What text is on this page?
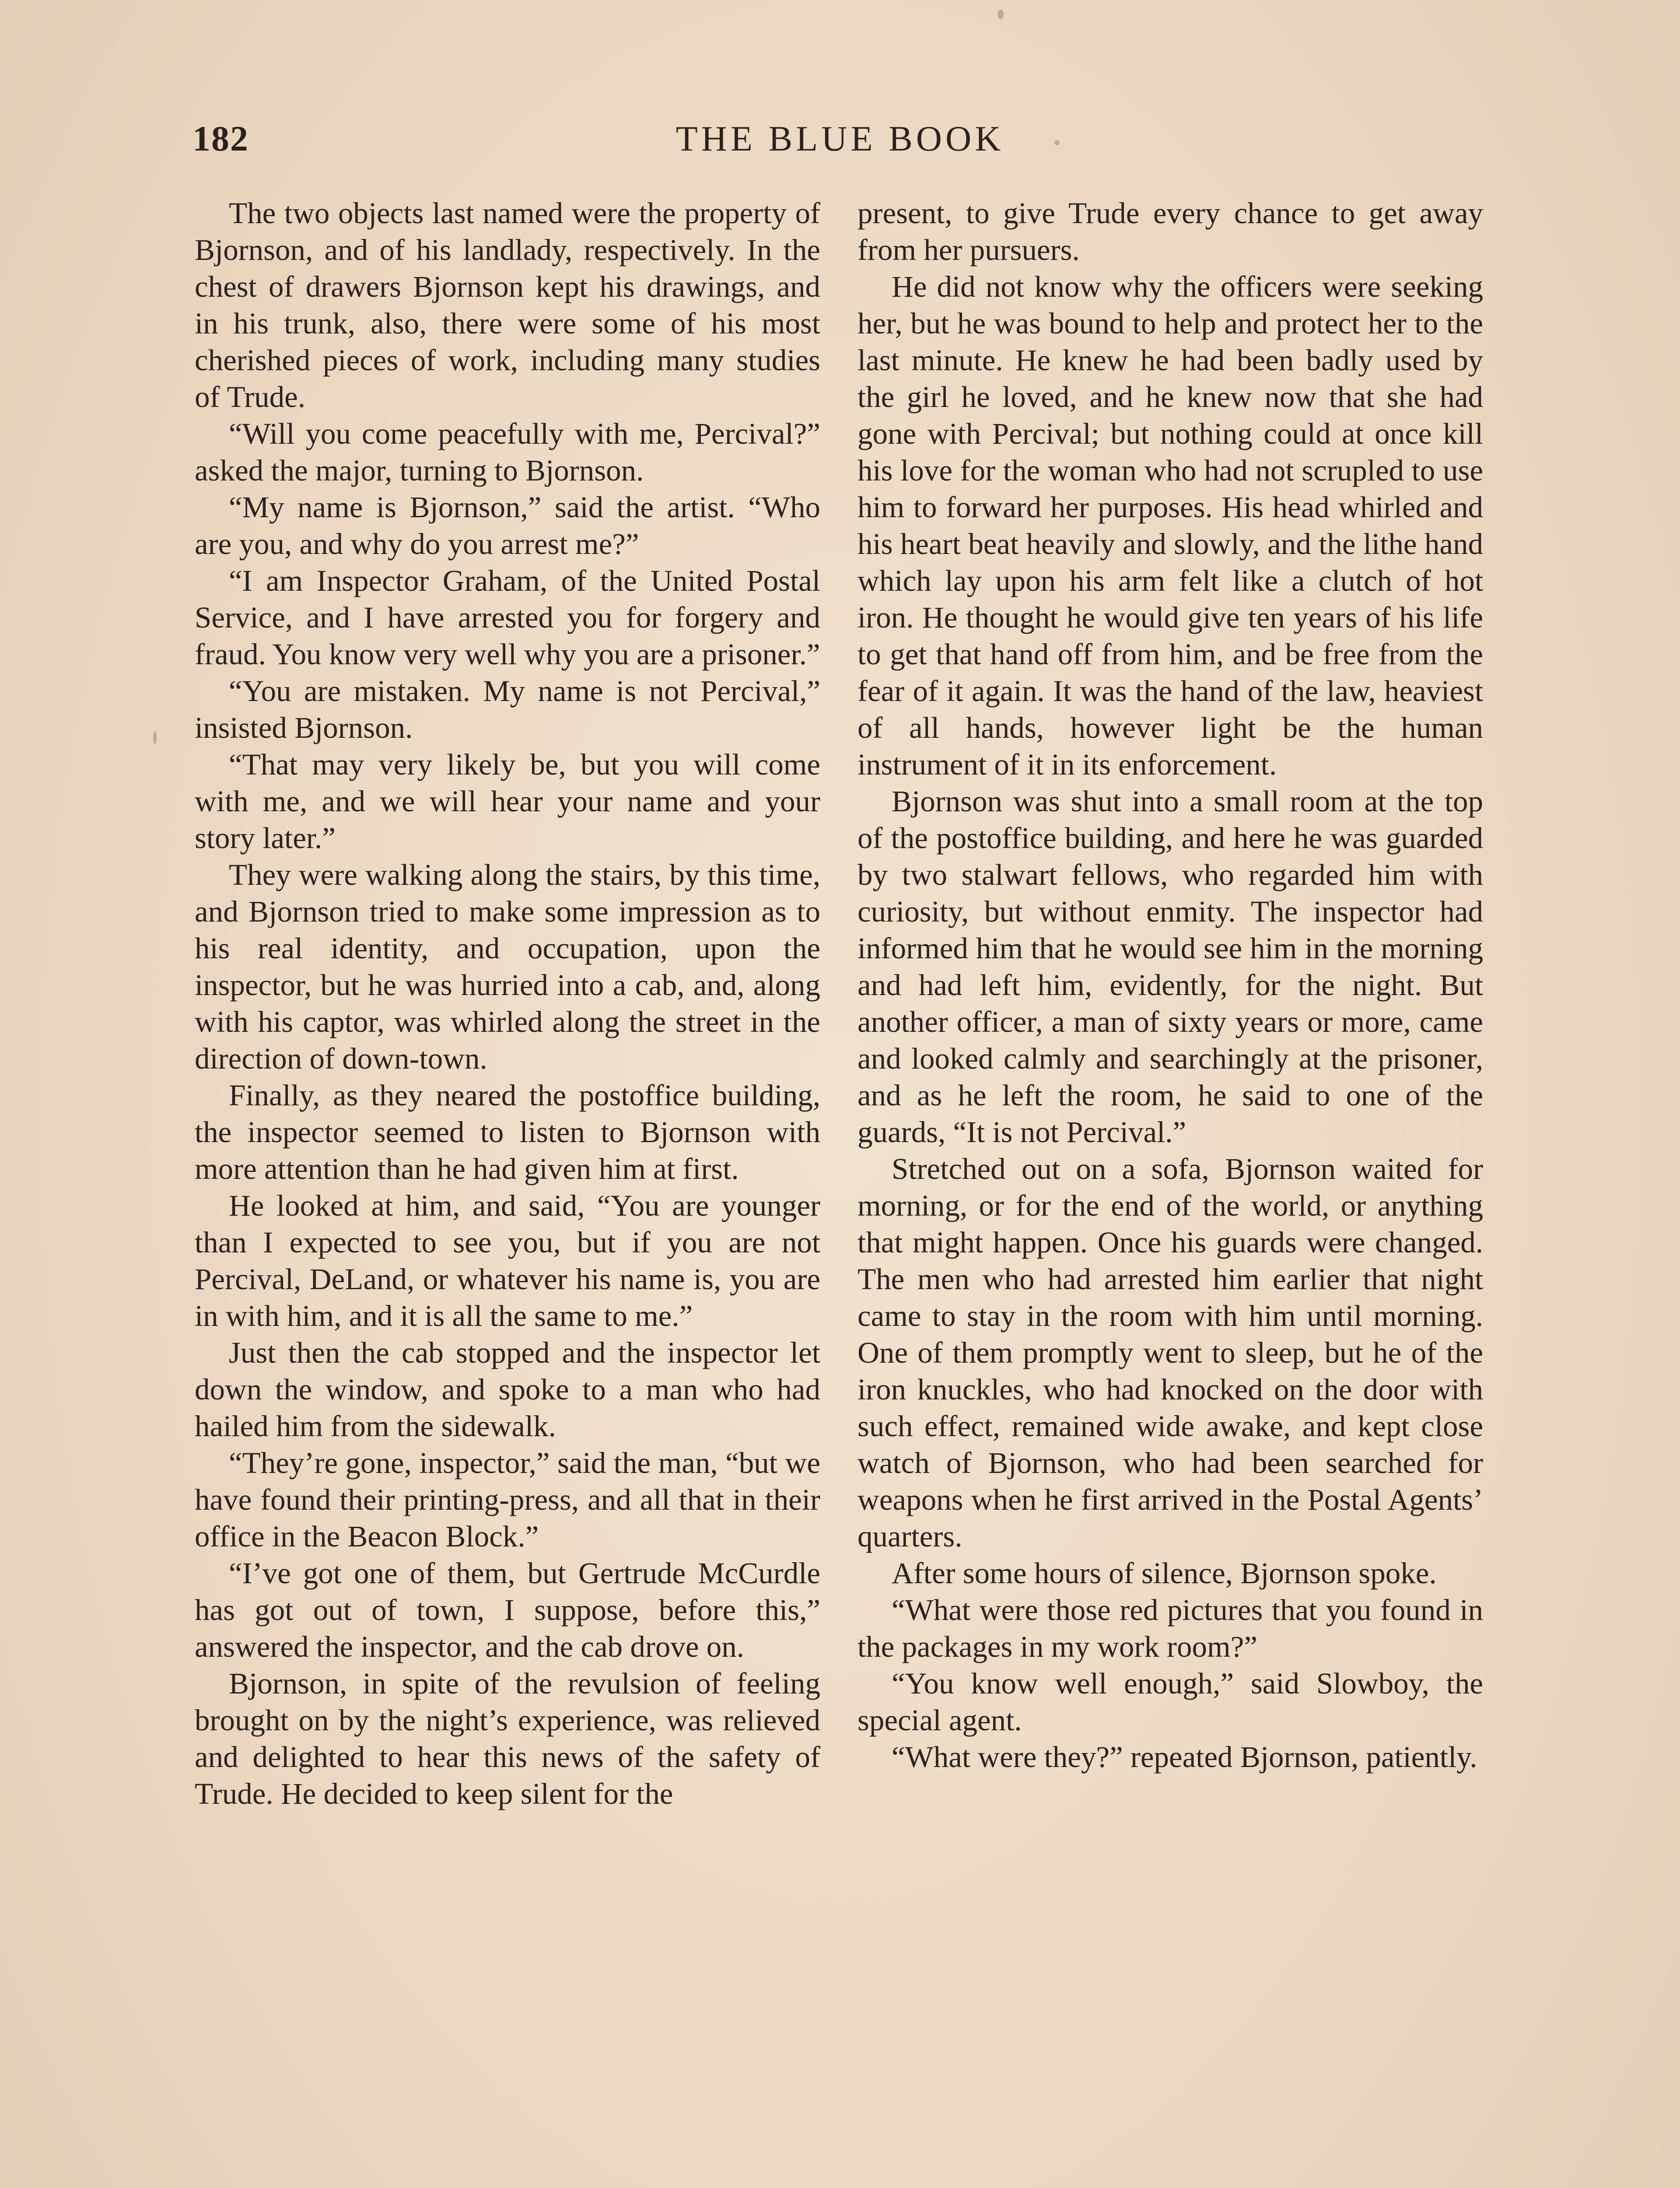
182	THE BLUE BOOK

The two objects last named were the property of Bjornson, and of his landlady, respectively. In the chest of drawers Bjornson kept his drawings, and in his trunk, also, there were some of his most cherished pieces of work, including many studies of Trude.

“Will you come peacefully with me, Percival?” asked the major, turning to Bjornson.

“My name is Bjornson,” said the artist. “Who are you, and why do you arrest me?”

“I am Inspector Graham, of the United Postal Service, and I have arrested you for forgery and fraud. You know very well why you are a prisoner.”

“You are mistaken. My name is not Percival,” insisted Bjornson.

“That may very likely be, but you will come with me, and we will hear your name and your story later.”

They were walking along the stairs, by this time, and Bjornson tried to make some impression as to his real identity, and occupation, upon the inspector, but he was hurried into a cab, and, along with his captor, was whirled along the street in the direction of down-town.

Finally, as they neared the postoffice building, the inspector seemed to listen to Bjornson with more attention than he had given him at first.

He looked at him, and said, “You are younger than I expected to see you, but if you are not Percival, DeLand, or whatever his name is, you are in with him, and it is all the same to me.”

Just then the cab stopped and the inspector let down the window, and spoke to a man who had hailed him from the sidewalk.

“They’re gone, inspector,” said the man, “but we have found their printing-press, and all that in their office in the Beacon Block.”

“I’ve got one of them, but Gertrude McCurdle has got out of town, I suppose, before this,” answered the inspector, and the cab drove on.

Bjornson, in spite of the revulsion of feeling brought on by the night’s experience, was relieved and delighted to hear this news of the safety of Trude. He decided to keep silent for the

present, to give Trude every chance to get away from her pursuers.

He did not know why the officers were seeking her, but he was bound to help and protect her to the last minute. He knew he had been badly used by the girl he loved, and he knew now that she had gone with Percival; but nothing could at once kill his love for the woman who had not scrupled to use him to forward her purposes. His head whirled and his heart beat heavily and slowly, and the lithe hand which lay upon his arm felt like a clutch of hot iron. He thought he would give ten years of his life to get that hand off from him, and be free from the fear of it again. It was the hand of the law, heaviest of all hands, however light be the human instrument of it in its enforcement.

Bjornson was shut into a small room at the top of the postoffice building, and here he was guarded by two stalwart fellows, who regarded him with curiosity, but without enmity. The inspector had informed him that he would see him in the morning and had left him, evidently, for the night. But another officer, a man of sixty years or more, came and looked calmly and searchingly at the prisoner, and as he left the room, he said to one of the guards, “It is not Percival.”

Stretched out on a sofa, Bjornson waited for morning, or for the end of the world, or anything that might happen. Once his guards were changed. The men who had arrested him earlier that night came to stay in the room with him until morning. One of them promptly went to sleep, but he of the iron knuckles, who had knocked on the door with such effect, remained wide awake, and kept close watch of Bjornson, who had been searched for weapons when he first arrived in the Postal Agents’ quarters.

After some hours of silence, Bjornson spoke.

“What were those red pictures that you found in the packages in my work room?”

“You know well enough,” said Slowboy, the special agent.

“What were they?” repeated Bjornson, patiently.
